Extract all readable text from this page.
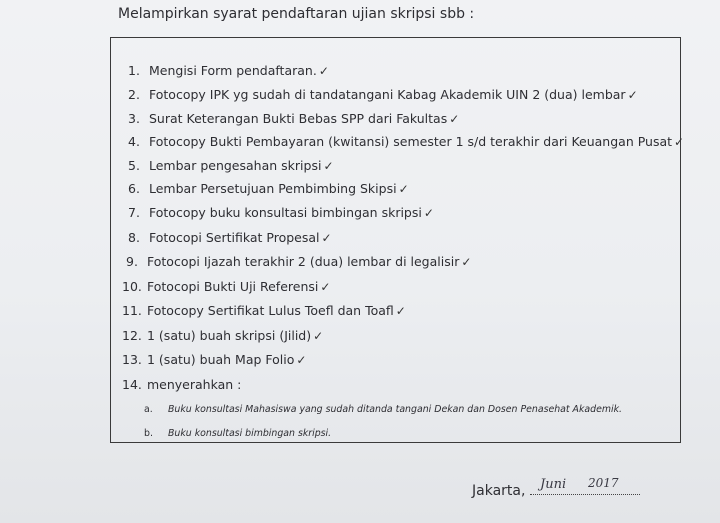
Melampirkan syarat pendaftaran ujian skripsi sbb :
1. Mengisi Form pendaftaran. ✓
2. Fotocopy IPK yg sudah di tandatangani Kabag Akademik UIN 2 (dua) lembar ✓
3. Surat Keterangan Bukti Bebas SPP dari Fakultas ✓
4. Fotocopy Bukti Pembayaran (kwitansi) semester 1 s/d terakhir dari Keuangan Pusat ✓
5. Lembar pengesahan skripsi ✓
6. Lembar Persetujuan Pembimbing Skipsi ✓
7. Fotocopy buku konsultasi bimbingan skripsi ✓
8. Fotocopi Sertifikat Propesal ✓
9. Fotocopi Ijazah terakhir 2 (dua) lembar di legalisir ✓
10. Fotocopi Bukti Uji Referensi ✓
11. Fotocopy Sertifikat Lulus Toefl dan Toafl ✓
12. 1 (satu) buah skripsi (Jilid) ✓
13. 1 (satu) buah Map Folio ✓
14. menyerahkan :
a. Buku konsultasi Mahasiswa yang sudah ditanda tangani Dekan dan Dosen Penasehat Akademik.
b. Buku konsultasi bimbingan skripsi.
Jakarta,	Juni 2017
